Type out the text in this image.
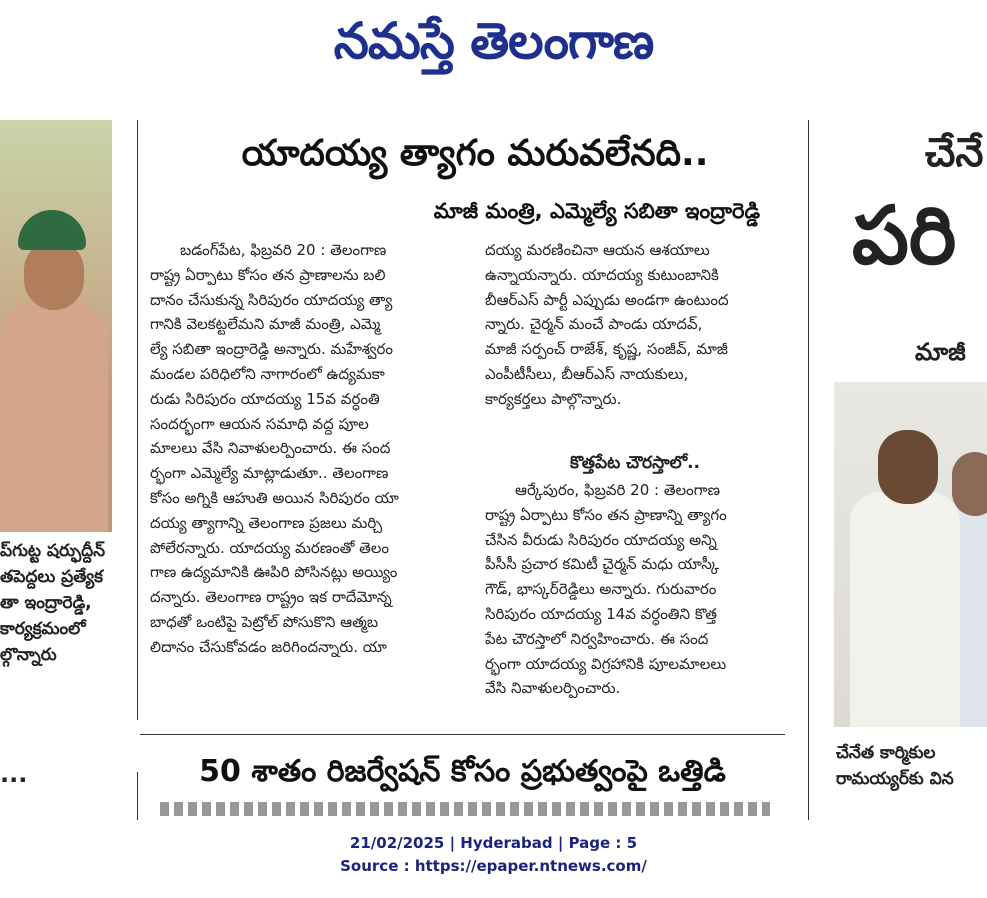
నమస్తే తెలంగాణ
ప్‌గుట్ట షర్ఫుద్దీన్
తపెద్దలు ప్రత్యేక
తా ఇంద్రారెడ్డి,
కార్యక్రమంలో
ల్గొన్నారు
...
యాదయ్య త్యాగం మరువలేనది..
మాజీ మంత్రి, ఎమ్మెల్యే సబితా ఇంద్రారెడ్డి
బడంగ్‌పేట, ఫిబ్రవరి 20 : తెలంగాణ
రాష్ట్ర ఏర్పాటు కోసం తన ప్రాణాలను బలి
దానం చేసుకున్న సిరిపురం యాదయ్య త్యా
గానికి వెలకట్టలేమని మాజీ మంత్రి, ఎమ్మె
ల్యే సబితా ఇంద్రారెడ్డి అన్నారు. మహేశ్వరం
మండల పరిధిలోని నాగారంలో ఉద్యమకా
రుడు సిరిపురం యాదయ్య 15వ వర్ధంతి
సందర్భంగా ఆయన సమాధి వద్ద పూల
మాలలు వేసి నివాళులర్పించారు. ఈ సంద
ర్భంగా ఎమ్మెల్యే మాట్లాడుతూ.. తెలంగాణ
కోసం అగ్నికి ఆహుతి అయిన సిరిపురం యా
దయ్య త్యాగాన్ని తెలంగాణ ప్రజలు మర్చి
పోలేరన్నారు. యాదయ్య మరణంతో తెలం
గాణ ఉద్యమానికి ఊపిరి పోసినట్లు అయ్యిం
దన్నారు. తెలంగాణ రాష్ట్రం ఇక రాదేమోన్న
బాధతో ఒంటిపై పెట్రోల్ పోసుకొని ఆత్మబ
లిదానం చేసుకోవడం జరిగిందన్నారు. యా
దయ్య మరణించినా ఆయన ఆశయాలు
ఉన్నాయన్నారు. యాదయ్య కుటుంబానికి
బీఆర్ఎస్ పార్టీ ఎప్పుడు అండగా ఉంటుంద
న్నారు. చైర్మన్ మంచే పాండు యాదవ్,
మాజీ సర్పంచ్ రాజేశ్, కృష్ణ, సంజీవ్, మాజీ
ఎంపీటీసీలు, బీఆర్ఎస్ నాయకులు,
కార్యకర్తలు పాల్గొన్నారు.
కొత్తపేట చౌరస్తాలో..
ఆర్కేపురం, ఫిబ్రవరి 20 : తెలంగాణ
రాష్ట్ర ఏర్పాటు కోసం తన ప్రాణాన్ని త్యాగం
చేసిన వీరుడు సిరిపురం యాదయ్య అన్ని
పీసీసీ ప్రచార కమిటీ చైర్మన్ మధు యాస్కీ
గౌడ్, భాస్కర్‌రెడ్డిలు అన్నారు. గురువారం
సిరిపురం యాదయ్య 14వ వర్ధంతిని కొత్త
పేట చౌరస్తాలో నిర్వహించారు. ఈ సంద
ర్భంగా యాదయ్య విగ్రహానికి పూలమాలలు
వేసి నివాళులర్పించారు.
50 శాతం రిజర్వేషన్ కోసం ప్రభుత్వంపై ఒత్తిడి
చేనే
పరి
మాజీ
చేనేత కార్మికుల
రామయ్యర్‌కు విన
21/02/2025 | Hyderabad | Page : 5
Source : https://epaper.ntnews.com/
